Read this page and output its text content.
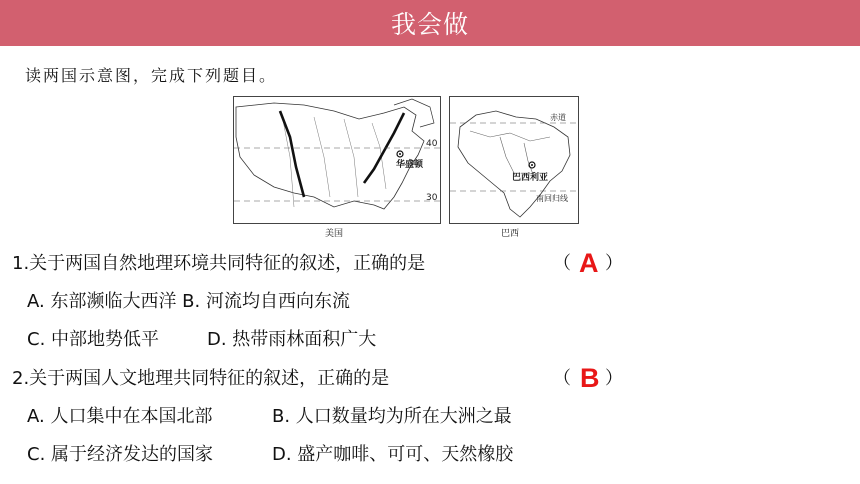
我会做
读两国示意图，完成下列题目。
华盛顿
40
30
美国
巴西利亚
赤道
南回归线
巴西
1.关于两国自然地理环境共同特征的叙述，正确的是	（ A ）
A. 东部濒临大西洋 B. 河流均自西向东流
C. 中部地势低平	D. 热带雨林面积广大
2.关于两国人文地理共同特征的叙述，正确的是	（ B ）
A. 人口集中在本国北部	B. 人口数量均为所在大洲之最
C. 属于经济发达的国家	D. 盛产咖啡、可可、天然橡胶
